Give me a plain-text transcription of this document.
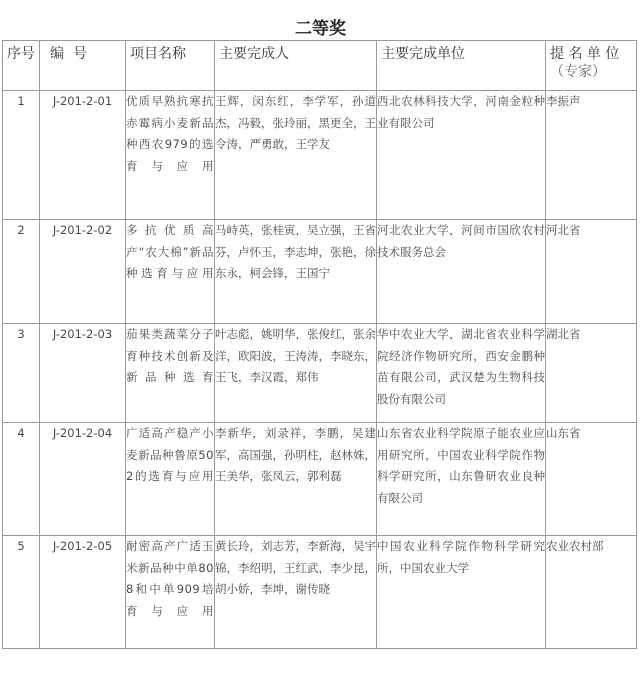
二等奖
序号	编  号	项目名称	主要完成人	主要完成单位	提 名 单 位
（专家）

1	J-201-2-01	优质早熟抗寒抗赤霉病小麦新品种西农979的选育与应用	王辉，闵东红，李学军，孙道杰，冯毅，张玲丽，黑更全，王令涛，严勇敢，王学友	西北农林科技大学，河南金粒种业有限公司	李振声
2	J-201-2-02	多抗优质高产“农大棉”新品种选育与应用	马峙英，张桂寅，吴立强，王省芬，卢怀玉，李志坤，张艳，徐东永，柯会锋，王国宁	河北农业大学，河间市国欣农村技术服务总会	河北省
3	J-201-2-03	茄果类蔬菜分子育种技术创新及新品种选育	叶志彪，姚明华，张俊红，张余洋，欧阳波，王涛涛，李晓东，王飞，李汉霞，郑伟	华中农业大学，湖北省农业科学院经济作物研究所，西安金鹏种苗有限公司，武汉楚为生物科技股份有限公司	湖北省
4	J-201-2-04	广适高产稳产小麦新品种鲁原502的选育与应用	李新华，刘录祥，李鹏，吴建军，高国强，孙明柱，赵林姝，王美华，张凤云，郭利磊	山东省农业科学院原子能农业应用研究所，中国农业科学院作物科学研究所，山东鲁研农业良种有限公司	山东省
5	J-201-2-05	耐密高产广适玉米新品种中单808和中单909培育与应用	黄长玲，刘志芳，李新海，吴宇锦，李绍明，王红武，李少昆，胡小娇，李坤，谢传晓	中国农业科学院作物科学研究所，中国农业大学	农业农村部
